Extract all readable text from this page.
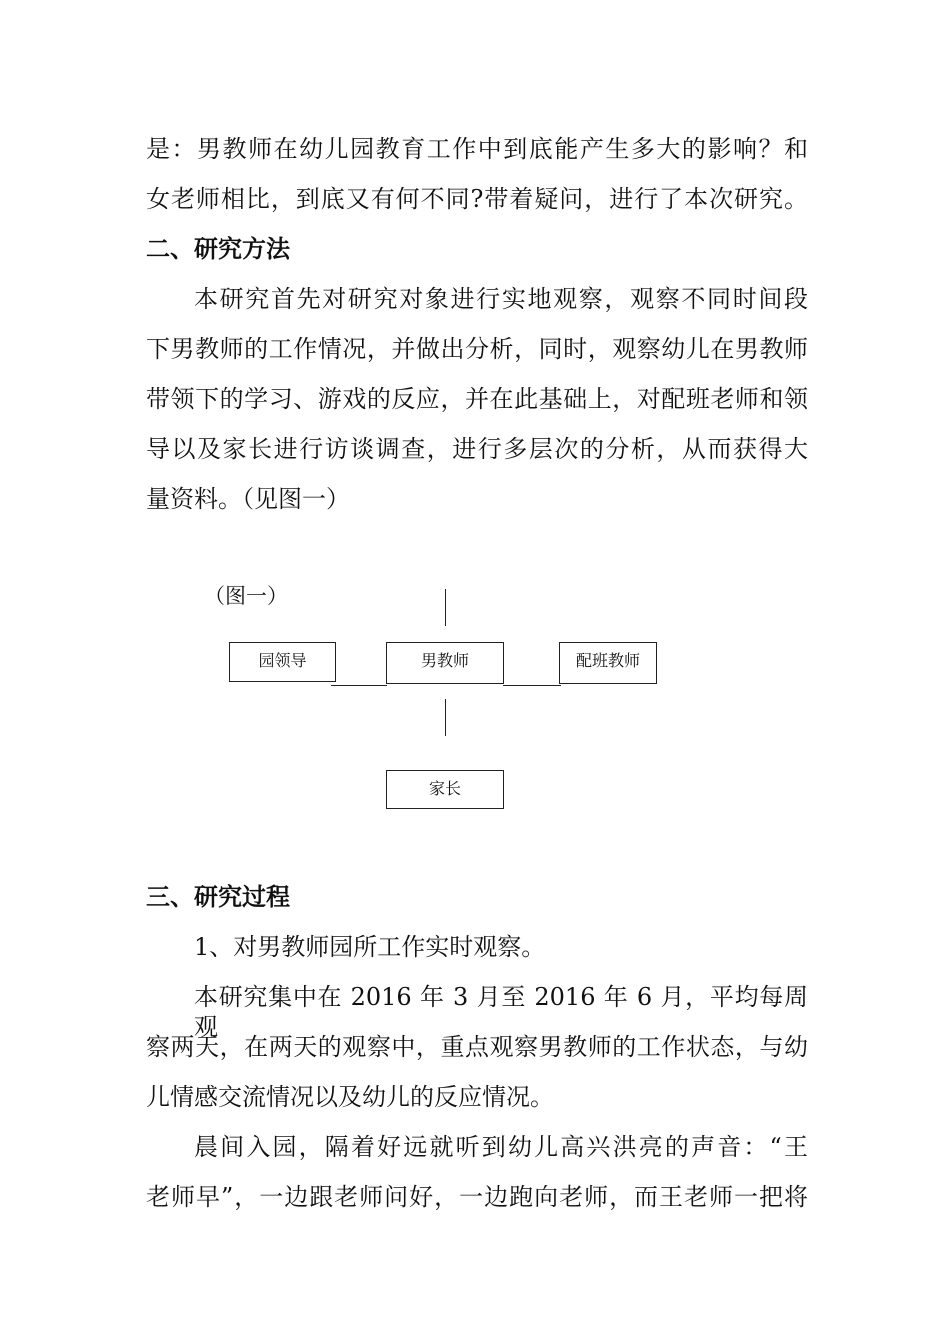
是：男教师在幼儿园教育工作中到底能产生多大的影响？和
女老师相比，到底又有何不同?带着疑问，进行了本次研究。
二、研究方法
本研究首先对研究对象进行实地观察，观察不同时间段
下男教师的工作情况，并做出分析，同时，观察幼儿在男教师
带领下的学习、游戏的反应，并在此基础上，对配班老师和领
导以及家长进行访谈调查，进行多层次的分析，从而获得大
量资料。（见图一）
（图一）
园领导	男教师	配班教师
家长
三、研究过程
1、对男教师园所工作实时观察。
本研究集中在 2016 年 3 月至 2016 年 6 月，平均每周观
察两天，在两天的观察中，重点观察男教师的工作状态，与幼
儿情感交流情况以及幼儿的反应情况。
晨间入园，隔着好远就听到幼儿高兴洪亮的声音：“王
老师早”，一边跟老师问好，一边跑向老师，而王老师一把将
